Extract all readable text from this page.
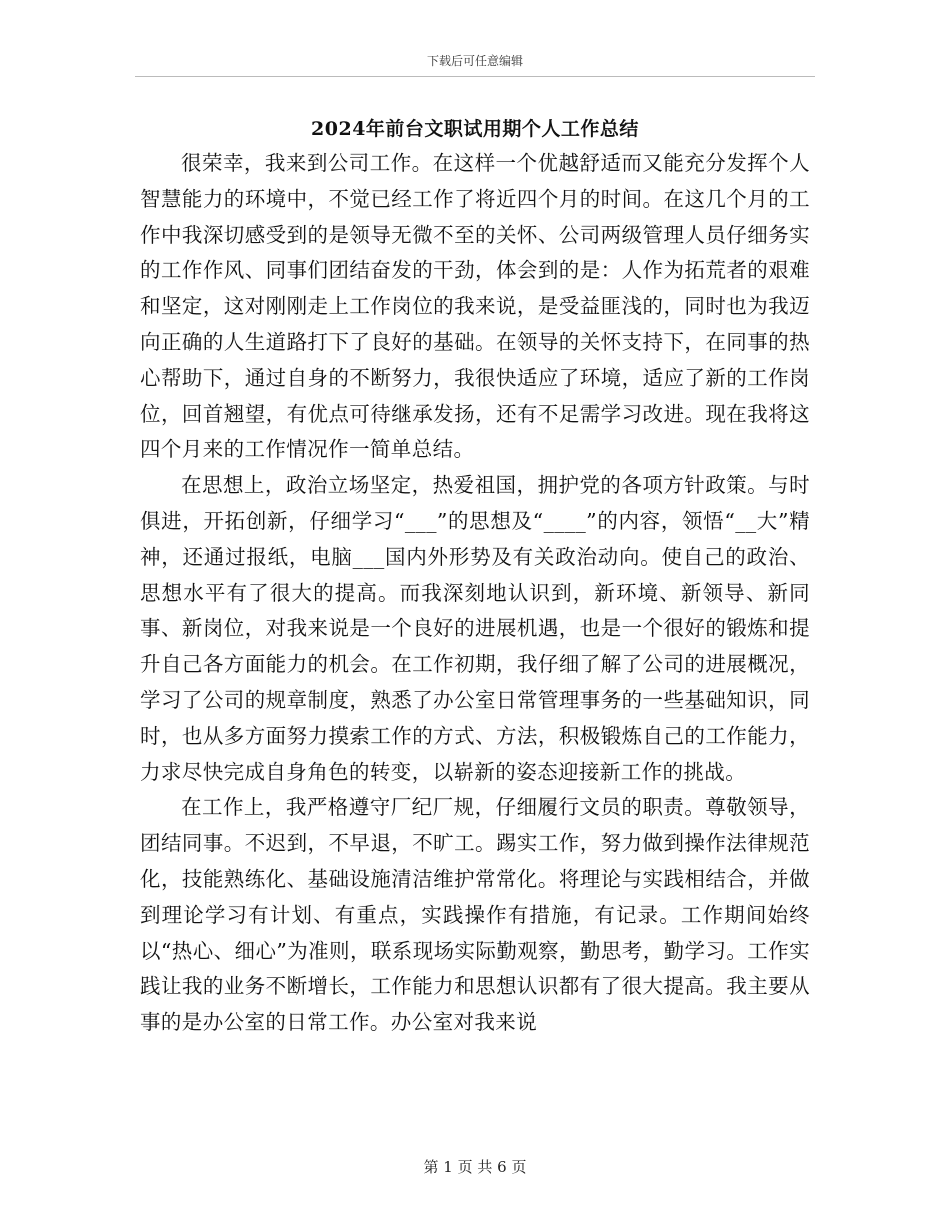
下载后可任意编辑
2024年前台文职试用期个人工作总结

很荣幸，我来到公司工作。在这样一个优越舒适而又能充分发挥个人智慧能力的环境中，不觉已经工作了将近四个月的时间。在这几个月的工作中我深切感受到的是领导无微不至的关怀、公司两级管理人员仔细务实的工作作风、同事们团结奋发的干劲，体会到的是：人作为拓荒者的艰难和坚定，这对刚刚走上工作岗位的我来说，是受益匪浅的，同时也为我迈向正确的人生道路打下了良好的基础。在领导的关怀支持下，在同事的热心帮助下，通过自身的不断努力，我很快适应了环境，适应了新的工作岗位，回首翘望，有优点可待继承发扬，还有不足需学习改进。现在我将这四个月来的工作情况作一简单总结。

在思想上，政治立场坚定，热爱祖国，拥护党的各项方针政策。与时俱进，开拓创新，仔细学习“___”的思想及“____”的内容，领悟“__大”精神，还通过报纸，电脑___国内外形势及有关政治动向。使自己的政治、思想水平有了很大的提高。而我深刻地认识到，新环境、新领导、新同事、新岗位，对我来说是一个良好的进展机遇，也是一个很好的锻炼和提升自己各方面能力的机会。在工作初期，我仔细了解了公司的进展概况，学习了公司的规章制度，熟悉了办公室日常管理事务的一些基础知识，同时，也从多方面努力摸索工作的方式、方法，积极锻炼自己的工作能力，力求尽快完成自身角色的转变，以崭新的姿态迎接新工作的挑战。

在工作上，我严格遵守厂纪厂规，仔细履行文员的职责。尊敬领导，团结同事。不迟到，不早退，不旷工。踢实工作，努力做到操作法律规范化，技能熟练化、基础设施清洁维护常常化。将理论与实践相结合，并做到理论学习有计划、有重点，实践操作有措施，有记录。工作期间始终以“热心、细心”为准则，联系现场实际勤观察，勤思考，勤学习。工作实践让我的业务不断增长，工作能力和思想认识都有了很大提高。我主要从事的是办公室的日常工作。办公室对我来说

第 1 页 共 6 页
